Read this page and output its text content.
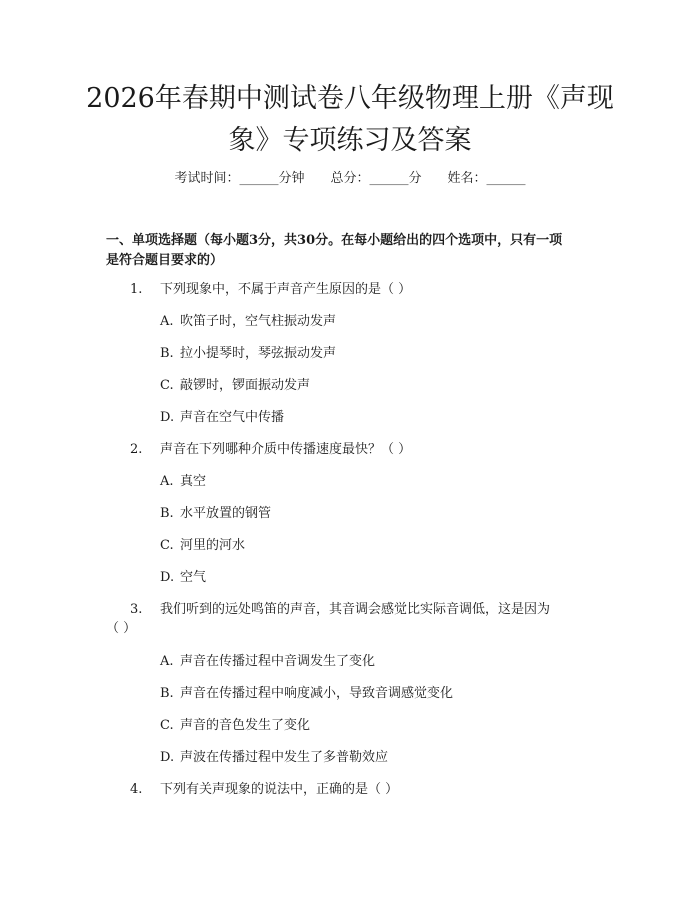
2026年春期中测试卷八年级物理上册《声现
象》专项练习及答案
考试时间：______分钟 总分：______分 姓名：______
一、单项选择题（每小题3分，共30分。在每小题给出的四个选项中，只有一项
是符合题目要求的）
1. 下列现象中，不属于声音产生原因的是（ ）
A. 吹笛子时，空气柱振动发声
B. 拉小提琴时，琴弦振动发声
C. 敲锣时，锣面振动发声
D. 声音在空气中传播
2. 声音在下列哪种介质中传播速度最快？（ ）
A. 真空
B. 水平放置的钢管
C. 河里的河水
D. 空气
3. 我们听到的远处鸣笛的声音，其音调会感觉比实际音调低，这是因为
（ ）
A. 声音在传播过程中音调发生了变化
B. 声音在传播过程中响度减小，导致音调感觉变化
C. 声音的音色发生了变化
D. 声波在传播过程中发生了多普勒效应
4. 下列有关声现象的说法中，正确的是（ ）
